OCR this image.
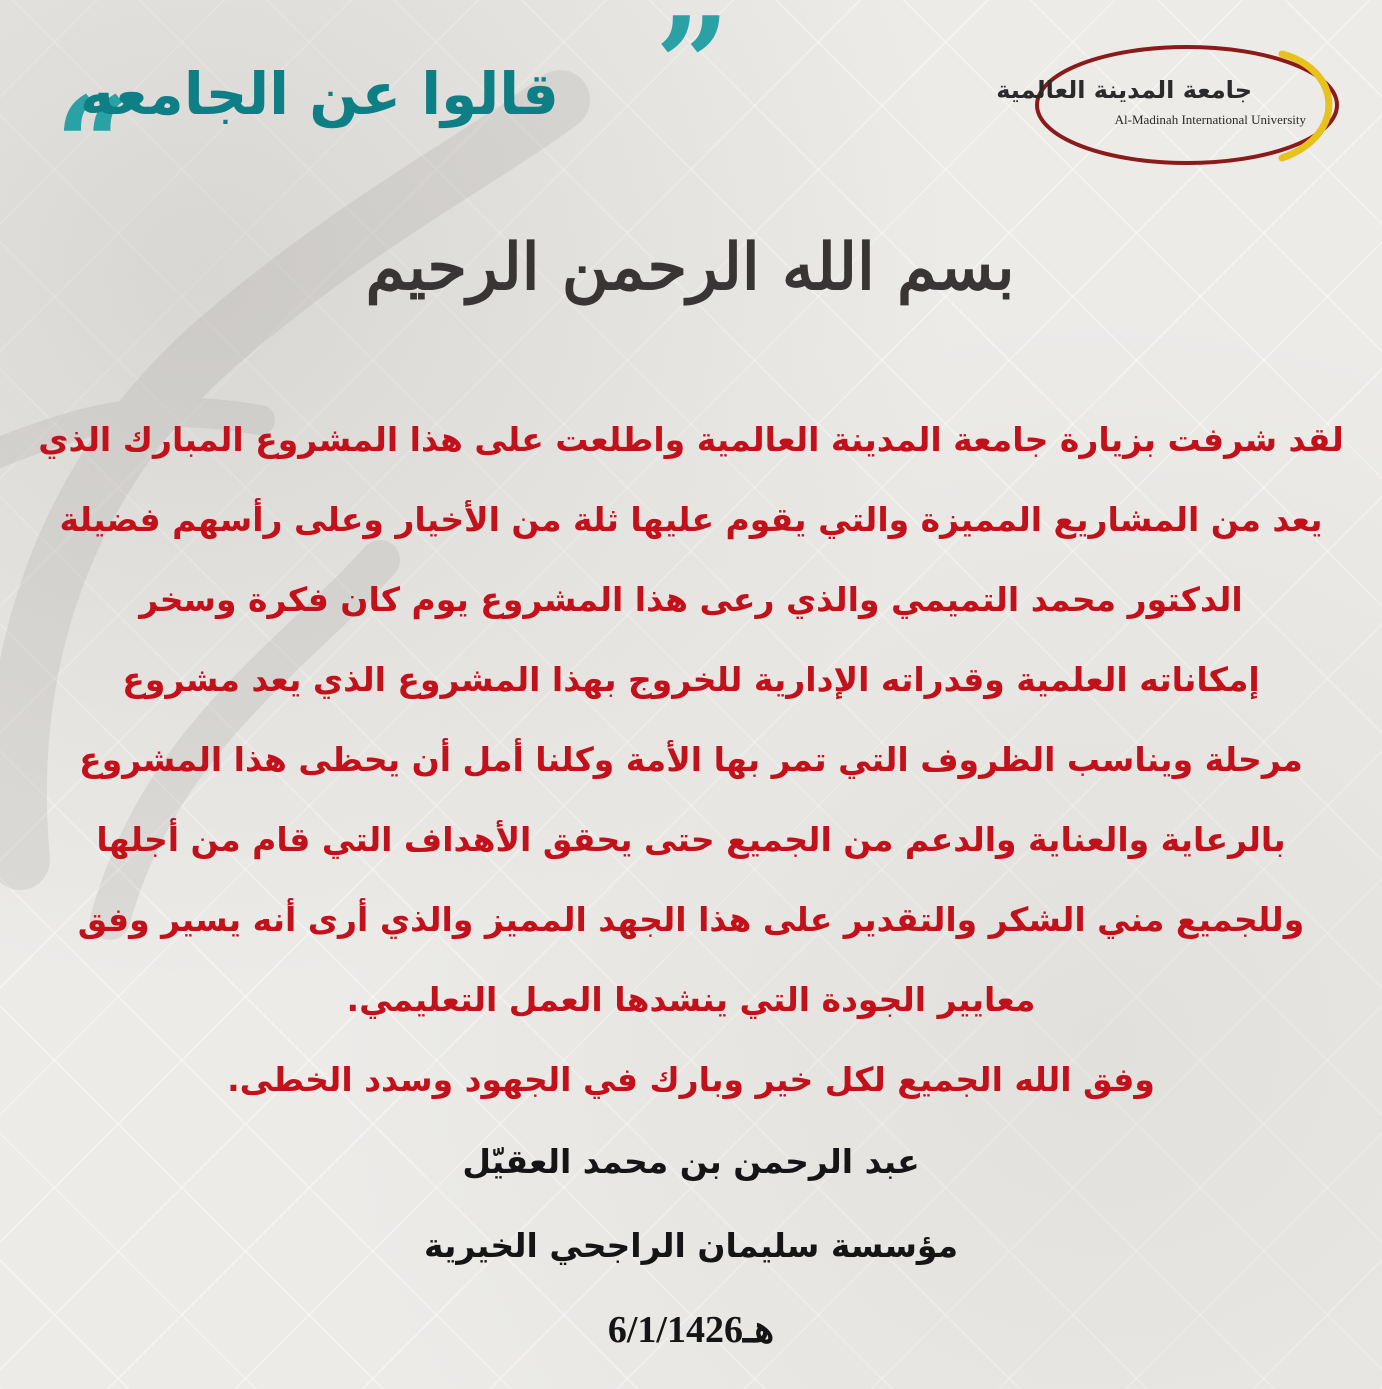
“
قالوا عن الجامعه ”	جامعة المدينة العالمية
Al-Madinah International University
بسم الله الرحمن الرحيم
لقد شرفت بزيارة جامعة المدينة العالمية واطلعت على هذا المشروع المبارك الذي
يعد من المشاريع المميزة والتي يقوم عليها ثلة من الأخيار وعلى رأسهم فضيلة
الدكتور محمد التميمي والذي رعى هذا المشروع يوم كان فكرة وسخر
إمكاناته العلمية وقدراته الإدارية للخروج بهذا المشروع الذي يعد مشروع
مرحلة ويناسب الظروف التي تمر بها الأمة وكلنا أمل أن يحظى هذا المشروع
بالرعاية والعناية والدعم من الجميع حتى يحقق الأهداف التي قام من أجلها
وللجميع مني الشكر والتقدير على هذا الجهد المميز والذي أرى أنه يسير وفق
معايير الجودة التي ينشدها العمل التعليمي.
وفق الله الجميع لكل خير وبارك في الجهود وسدد الخطى.
عبد الرحمن بن محمد العقيّل
مؤسسة سليمان الراجحي الخيرية
6/1/1426هـ
